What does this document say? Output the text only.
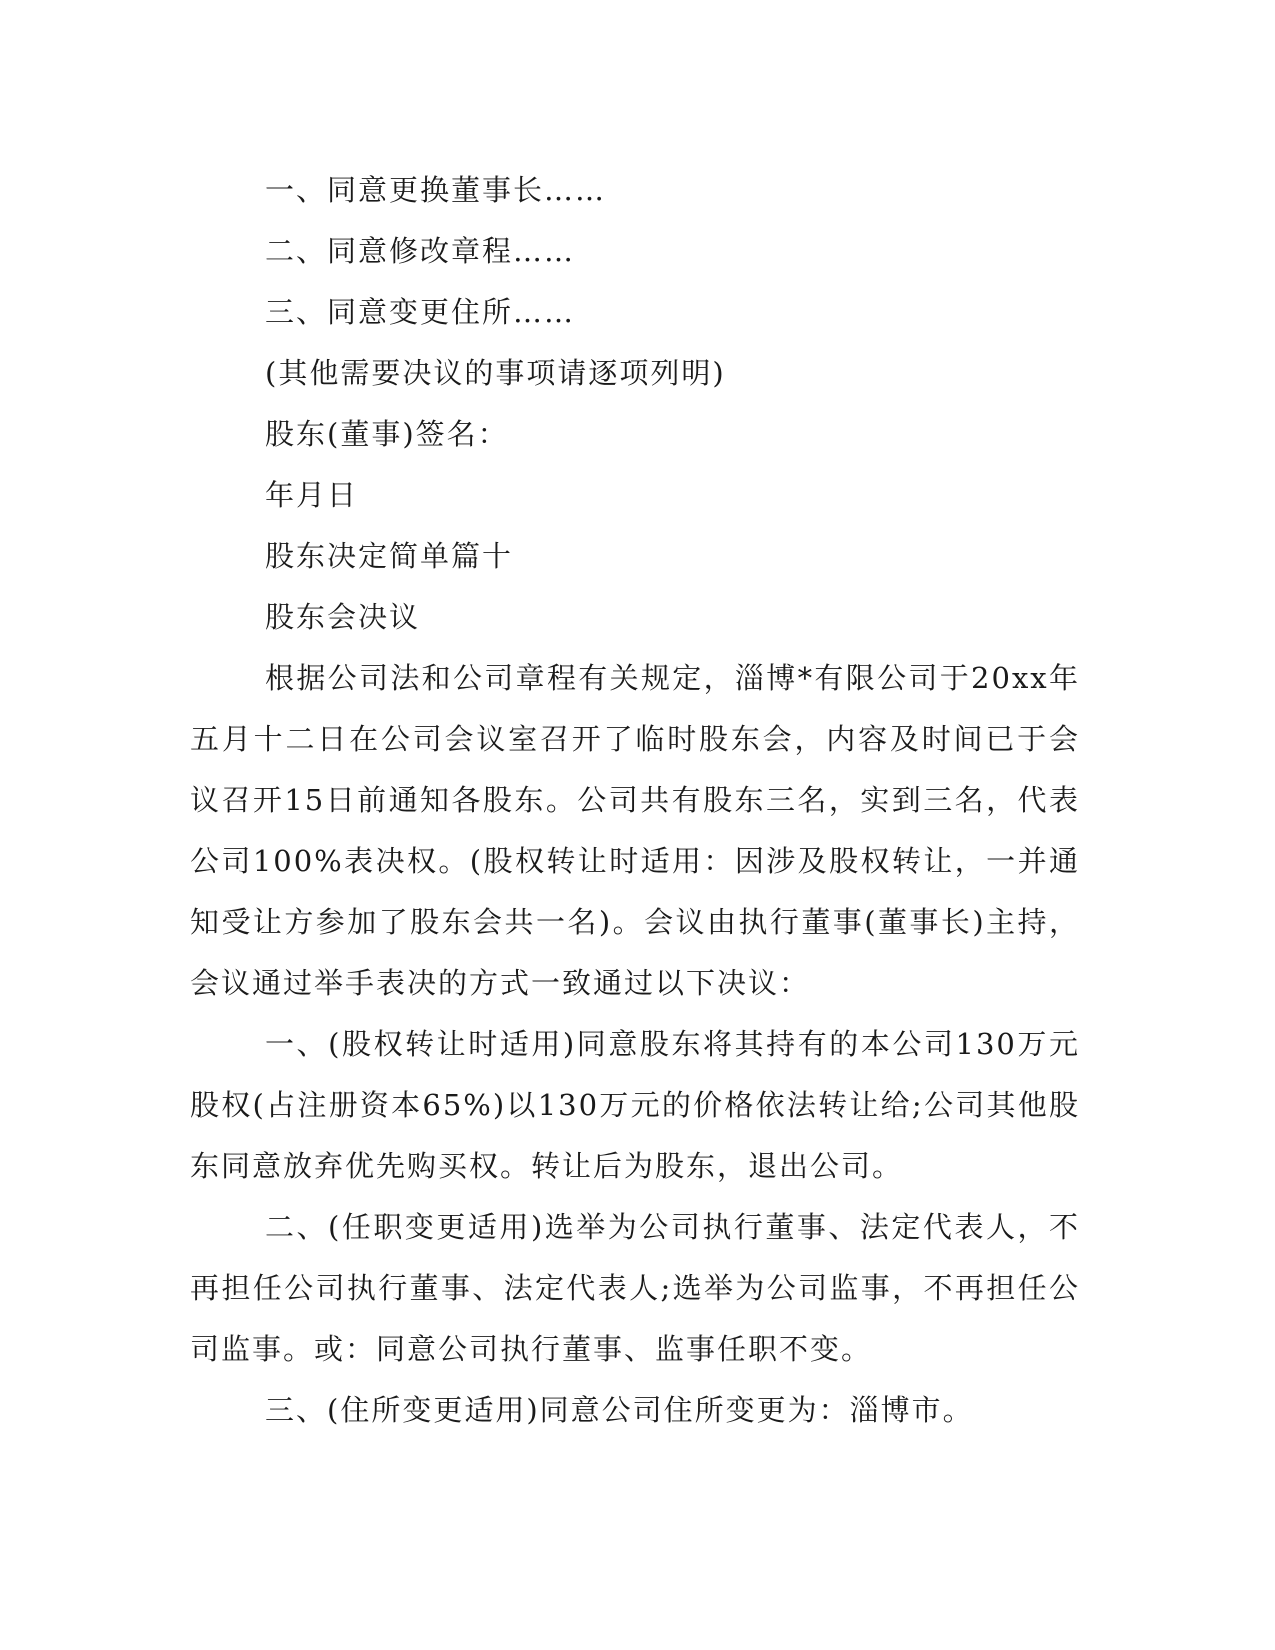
一、同意更换董事长……

二、同意修改章程……

三、同意变更住所……

(其他需要决议的事项请逐项列明)

股东(董事)签名：

年月日

股东决定简单篇十

股东会决议

根据公司法和公司章程有关规定，淄博*有限公司于20xx年五月十二日在公司会议室召开了临时股东会，内容及时间已于会议召开15日前通知各股东。公司共有股东三名，实到三名，代表公司100%表决权。(股权转让时适用：因涉及股权转让，一并通知受让方参加了股东会共一名)。会议由执行董事(董事长)主持，会议通过举手表决的方式一致通过以下决议：

一、(股权转让时适用)同意股东将其持有的本公司130万元股权(占注册资本65%)以130万元的价格依法转让给;公司其他股东同意放弃优先购买权。转让后为股东，退出公司。

二、(任职变更适用)选举为公司执行董事、法定代表人，不再担任公司执行董事、法定代表人;选举为公司监事，不再担任公司监事。或：同意公司执行董事、监事任职不变。

三、(住所变更适用)同意公司住所变更为：淄博市。
